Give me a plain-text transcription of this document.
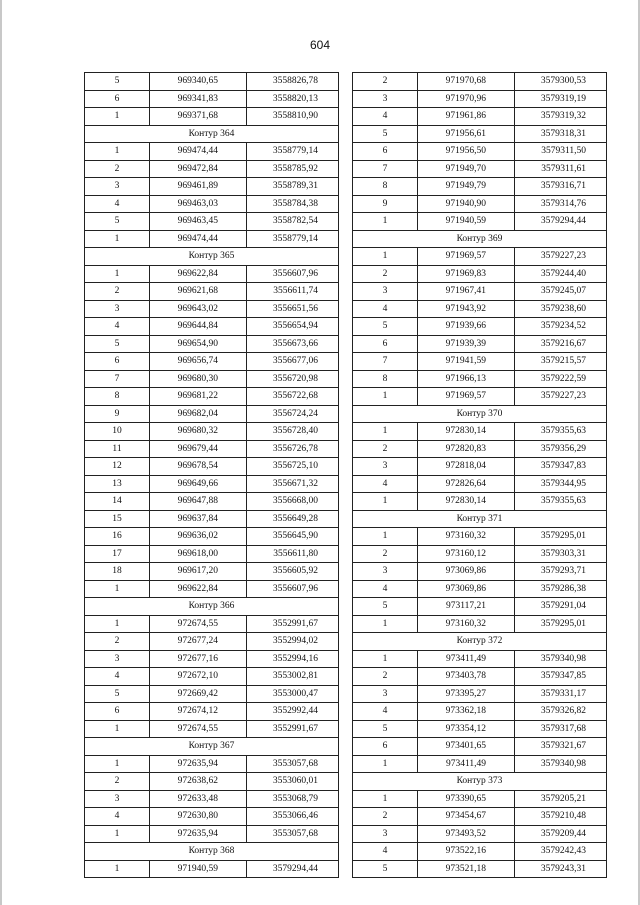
604
5	969340,65	3558826,78
6	969341,83	3558820,13
1	969371,68	3558810,90
Контур 364
1	969474,44	3558779,14
2	969472,84	3558785,92
3	969461,89	3558789,31
4	969463,03	3558784,38
5	969463,45	3558782,54
1	969474,44	3558779,14
Контур 365
1	969622,84	3556607,96
2	969621,68	3556611,74
3	969643,02	3556651,56
4	969644,84	3556654,94
5	969654,90	3556673,66
6	969656,74	3556677,06
7	969680,30	3556720,98
8	969681,22	3556722,68
9	969682,04	3556724,24
10	969680,32	3556728,40
11	969679,44	3556726,78
12	969678,54	3556725,10
13	969649,66	3556671,32
14	969647,88	3556668,00
15	969637,84	3556649,28
16	969636,02	3556645,90
17	969618,00	3556611,80
18	969617,20	3556605,92
1	969622,84	3556607,96
Контур 366
1	972674,55	3552991,67
2	972677,24	3552994,02
3	972677,16	3552994,16
4	972672,10	3553002,81
5	972669,42	3553000,47
6	972674,12	3552992,44
1	972674,55	3552991,67
Контур 367
1	972635,94	3553057,68
2	972638,62	3553060,01
3	972633,48	3553068,79
4	972630,80	3553066,46
1	972635,94	3553057,68
Контур 368
1	971940,59	3579294,44
2	971970,68	3579300,53
3	971970,96	3579319,19
4	971961,86	3579319,32
5	971956,61	3579318,31
6	971956,50	3579311,50
7	971949,70	3579311,61
8	971949,79	3579316,71
9	971940,90	3579314,76
1	971940,59	3579294,44
Контур 369
1	971969,57	3579227,23
2	971969,83	3579244,40
3	971967,41	3579245,07
4	971943,92	3579238,60
5	971939,66	3579234,52
6	971939,39	3579216,67
7	971941,59	3579215,57
8	971966,13	3579222,59
1	971969,57	3579227,23
Контур 370
1	972830,14	3579355,63
2	972820,83	3579356,29
3	972818,04	3579347,83
4	972826,64	3579344,95
1	972830,14	3579355,63
Контур 371
1	973160,32	3579295,01
2	973160,12	3579303,31
3	973069,86	3579293,71
4	973069,86	3579286,38
5	973117,21	3579291,04
1	973160,32	3579295,01
Контур 372
1	973411,49	3579340,98
2	973403,78	3579347,85
3	973395,27	3579331,17
4	973362,18	3579326,82
5	973354,12	3579317,68
6	973401,65	3579321,67
1	973411,49	3579340,98
Контур 373
1	973390,65	3579205,21
2	973454,67	3579210,48
3	973493,52	3579209,44
4	973522,16	3579242,43
5	973521,18	3579243,31
